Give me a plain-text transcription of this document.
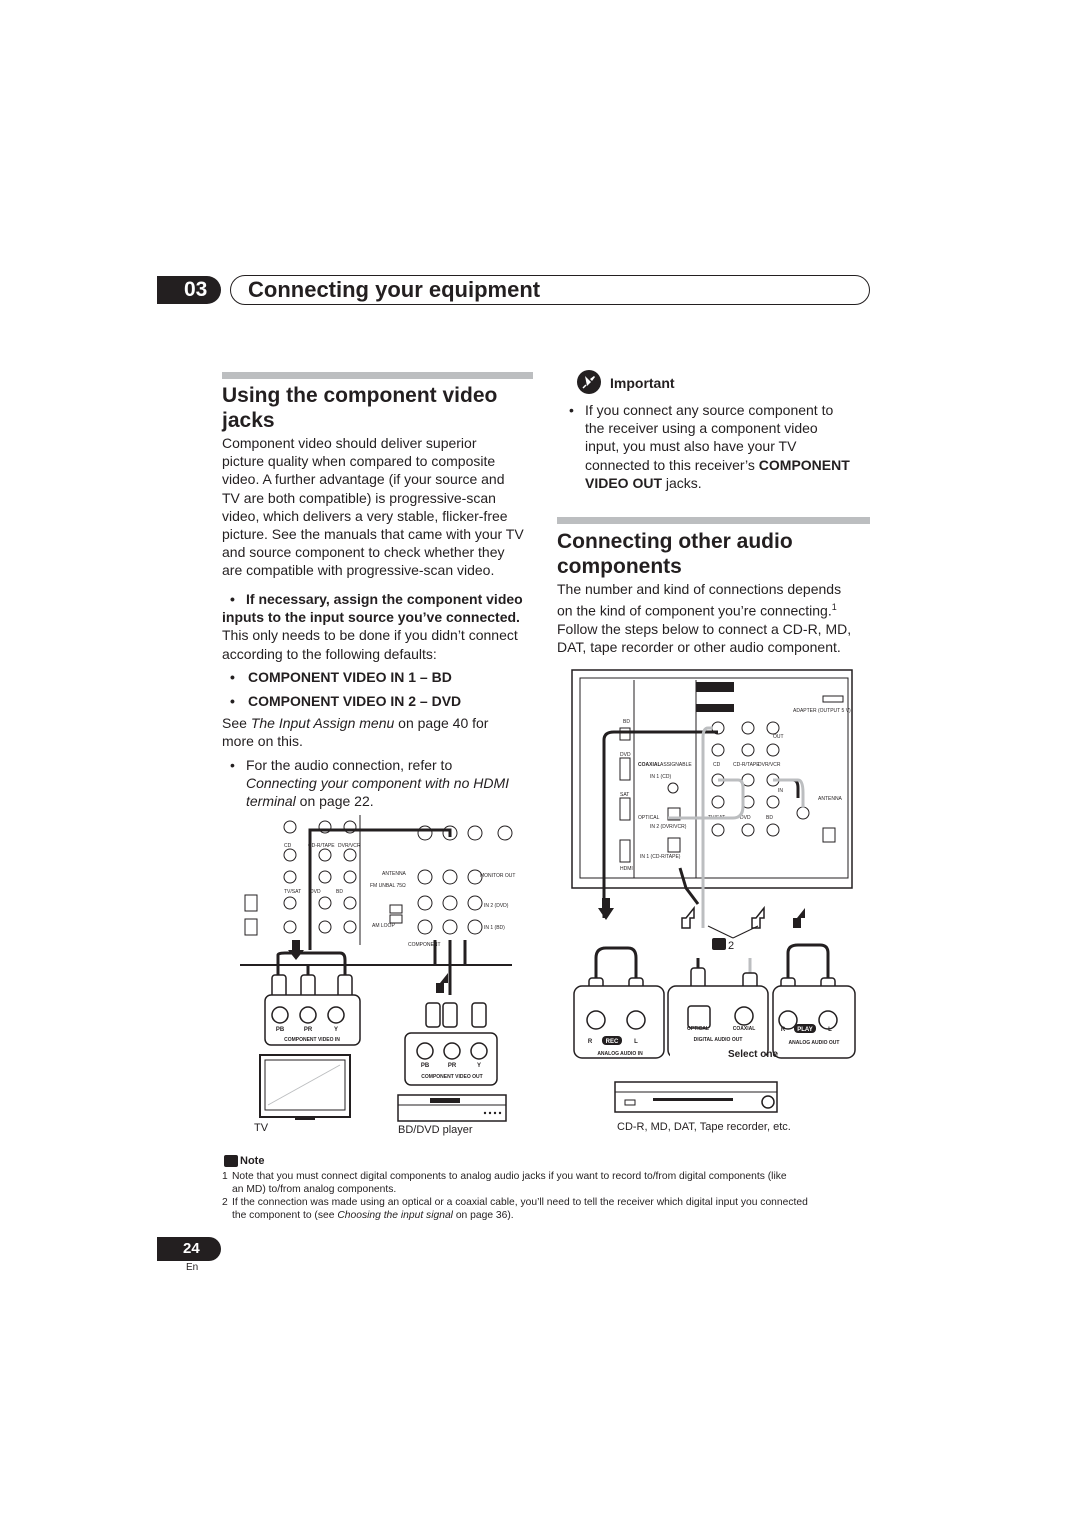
03	Connecting your equipment
Using the component video
jacks
Component video should deliver superior
picture quality when compared to composite
video. A further advantage (if your source and
TV are both compatible) is progressive-scan
video, which delivers a very stable, flicker-free
picture. See the manuals that came with your TV
and source component to check whether they
are compatible with progressive-scan video.
• If necessary, assign the component video
inputs to the input source you’ve connected.
This only needs to be done if you didn’t connect
according to the following defaults:
• COMPONENT VIDEO IN 1 – BD
• COMPONENT VIDEO IN 2 – DVD
See The Input Assign menu on page 40 for
more on this.
• For the audio connection, refer to
Connecting your component with no HDMI
terminal on page 22.
Important
• If you connect any source component to
the receiver using a component video
input, you must also have your TV
connected to this receiver’s COMPONENT
VIDEO OUT jacks.
Connecting other audio
components
The number and kind of connections depends
on the kind of component you’re connecting.$^1$
Follow the steps below to connect a CD-R, MD,
DAT, tape recorder or other audio component.
CD	CD-R/TAPE DVR/VCR
ANTENNA
FM UNBAL 75Ω
AM LOOP
TV/SAT DVD	BD
IN 2 (DVD)
IN 1 (BD)
MONITOR OUT
COMPONENT
PB	PR	Y
COMPONENT VIDEO IN
PB	PR	Y
COMPONENT VIDEO OUT
TV	BD/DVD player
BD
DVD
SAT
HDMI
CD	CD-R/TAPE
DVR/VCR
TV/SAT	DVD	BD
COAXIAL ASSIGNABLE
OPTICAL
IN 1 (CD)
IN 2 (DVR/VCR)
IN 1 (CD-R/TAPE)
ANTENNA
ADAPTER (OUTPUT 5 V)
OUT
IN
2
R REC	L
ANALOG AUDIO IN
OPTICAL	COAXIAL
DIGITAL AUDIO OUT
R PLAY	L
ANALOG AUDIO OUT
Select one
CD-R, MD, DAT, Tape recorder, etc.
Note
1 Note that you must connect digital components to analog audio jacks if you want to record to/from digital components (like
an MD) to/from analog components.
2 If the connection was made using an optical or a coaxial cable, you’ll need to tell the receiver which digital input you connected
the component to (see Choosing the input signal on page 36).
24
En
